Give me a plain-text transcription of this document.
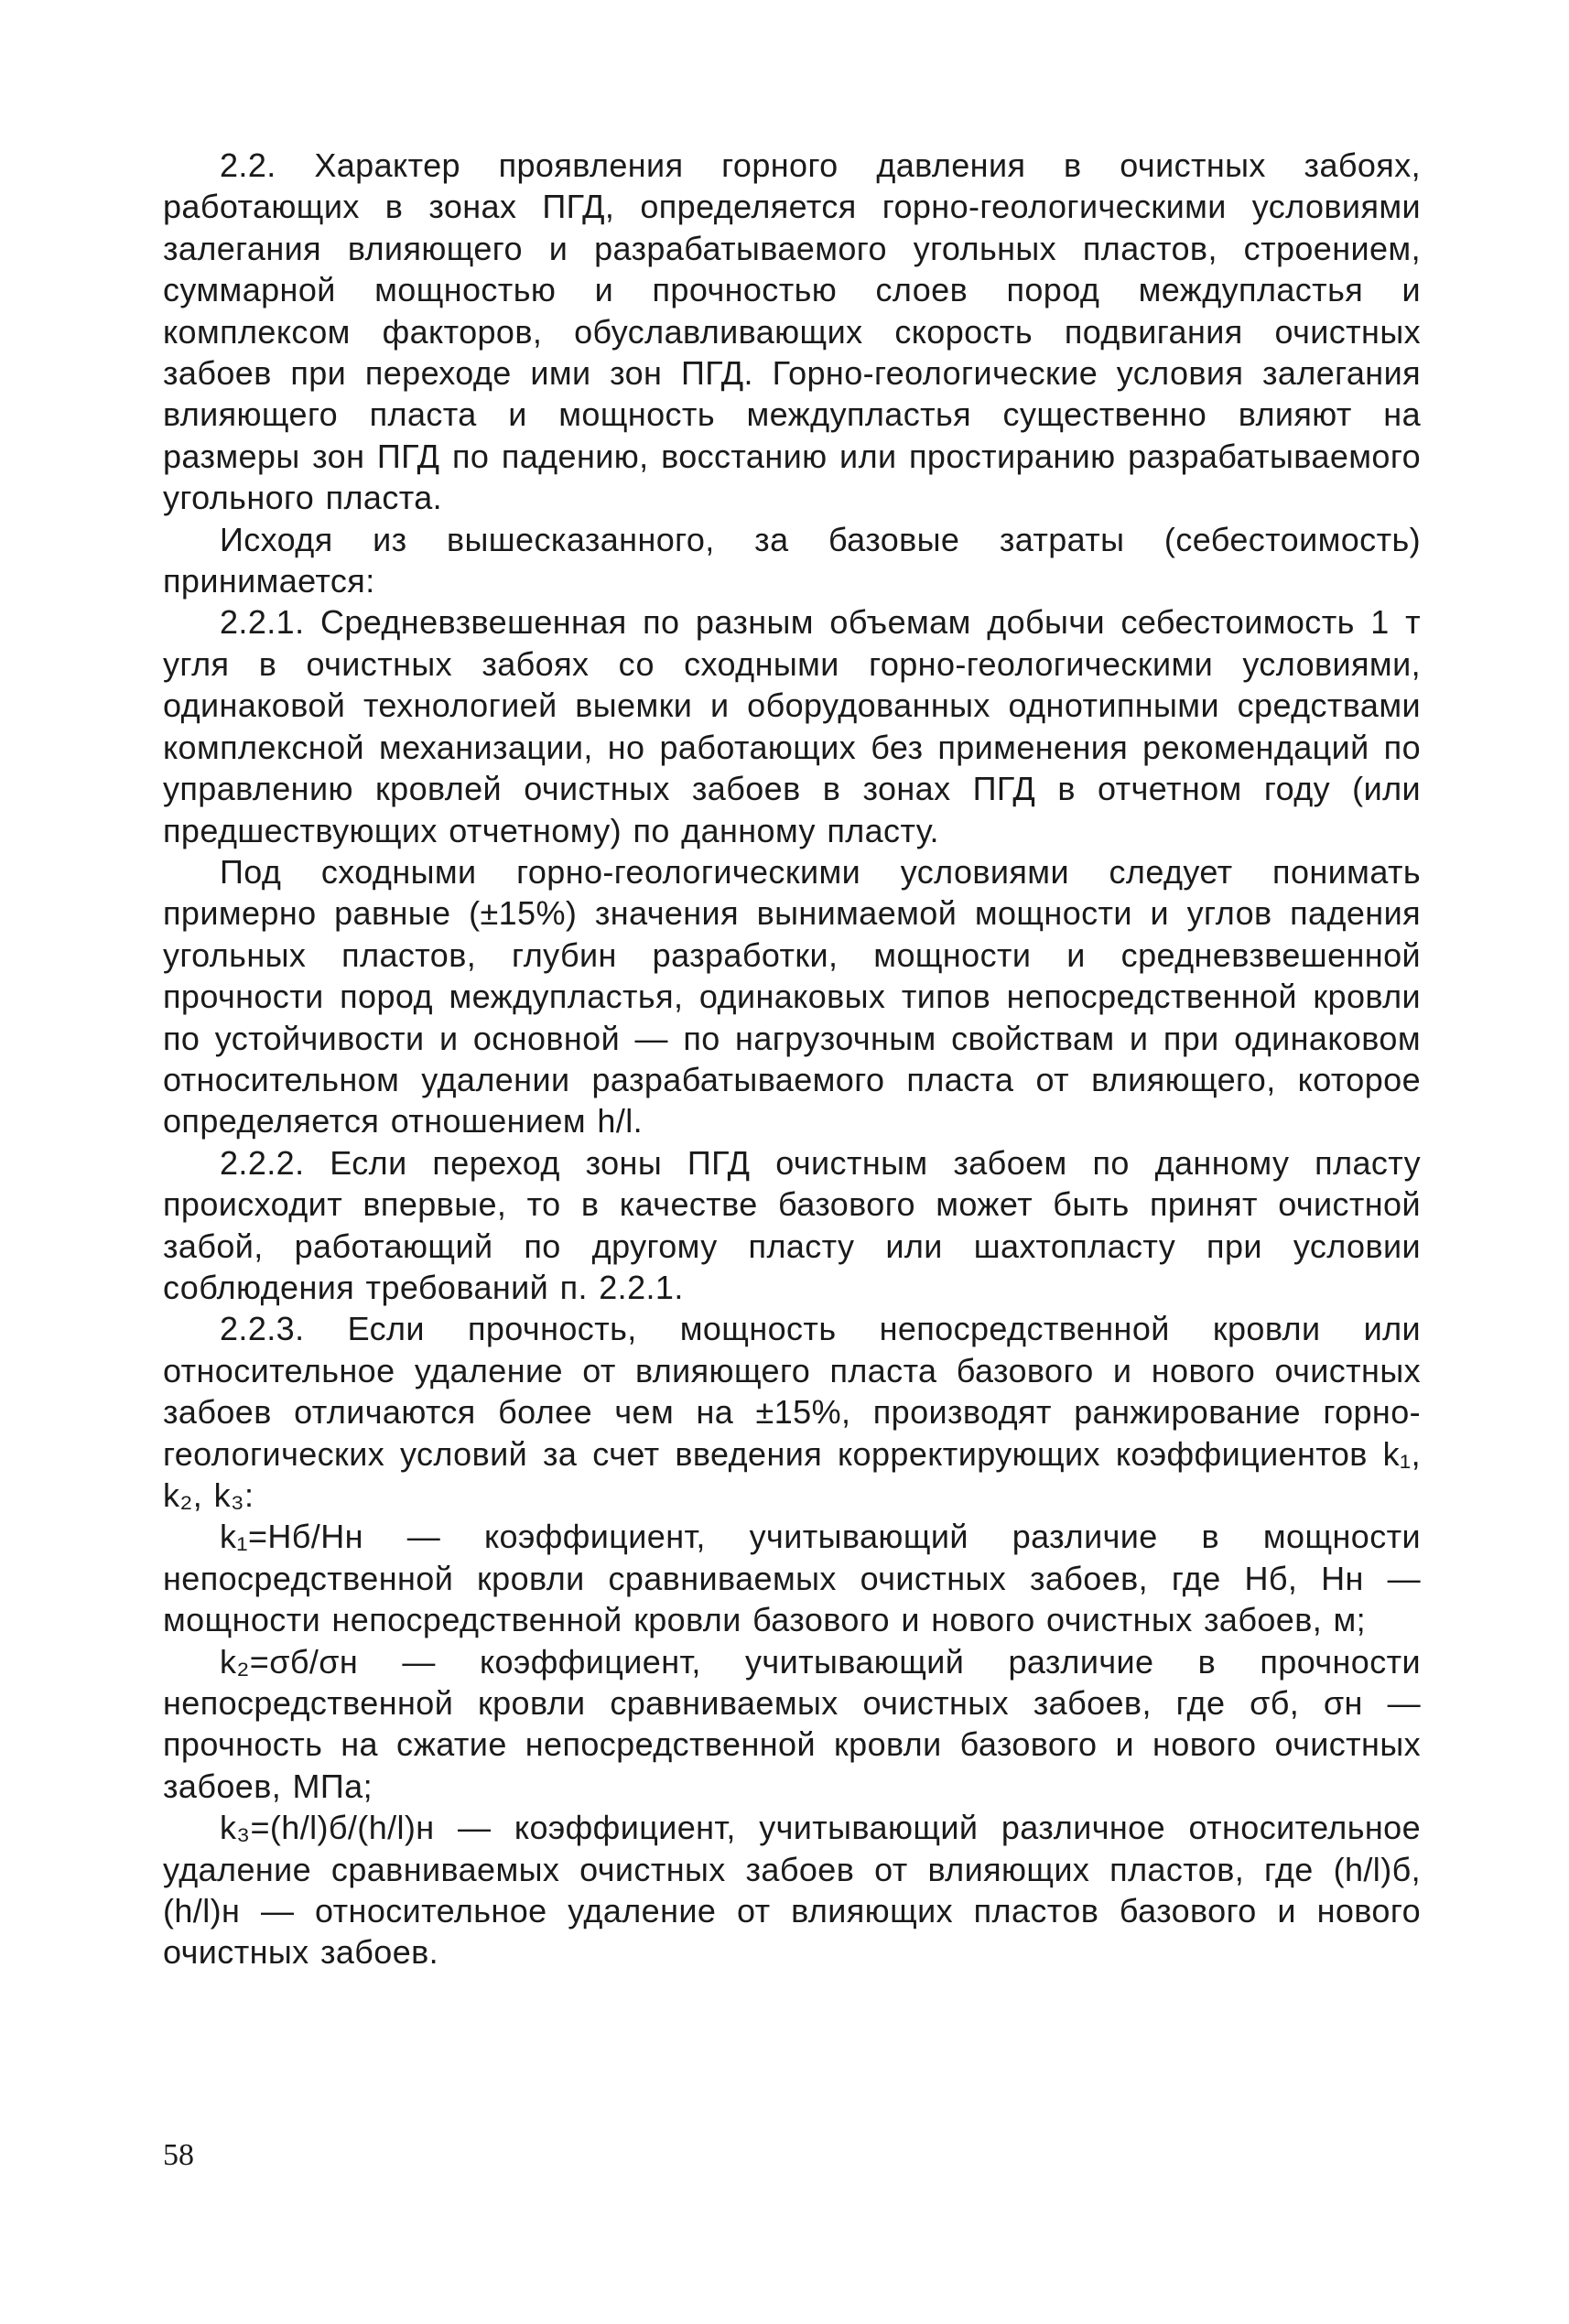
2.2. Характер проявления горного давления в очистных забоях, работающих в зонах ПГД, определяется горно-геологическими условиями залегания влияющего и разрабатываемого угольных пластов, строением, суммарной мощностью и прочностью слоев пород междупластья и комплексом факторов, обуславливающих скорость подвигания очистных забоев при переходе ими зон ПГД. Горно-геологические условия залегания влияющего пласта и мощность междупластья существенно влияют на размеры зон ПГД по падению, восстанию или простиранию разрабатываемого угольного пласта.

Исходя из вышесказанного, за базовые затраты (себестоимость) принимается:

2.2.1. Средневзвешенная по разным объемам добычи себестоимость 1 т угля в очистных забоях со сходными горно-геологическими условиями, одинаковой технологией выемки и оборудованных однотипными средствами комплексной механизации, но работающих без применения рекомендаций по управлению кровлей очистных забоев в зонах ПГД в отчетном году (или предшествующих отчетному) по данному пласту.

Под сходными горно-геологическими условиями следует понимать примерно равные (±15%) значения вынимаемой мощности и углов падения угольных пластов, глубин разработки, мощности и средневзвешенной прочности пород междупластья, одинаковых типов непосредственной кровли по устойчивости и основной — по нагрузочным свойствам и при одинаковом относительном удалении разрабатываемого пласта от влияющего, которое определяется отношением h/l.

2.2.2. Если переход зоны ПГД очистным забоем по данному пласту происходит впервые, то в качестве базового может быть принят очистной забой, работающий по другому пласту или шахтопласту при условии соблюдения требований п. 2.2.1.

2.2.3. Если прочность, мощность непосредственной кровли или относительное удаление от влияющего пласта базового и нового очистных забоев отличаются более чем на ±15%, производят ранжирование горно-геологических условий за счет введения корректирующих коэффициентов k₁, k₂, k₃:

k₁=Hб/Hн — коэффициент, учитывающий различие в мощности непосредственной кровли сравниваемых очистных забоев, где Hб, Hн — мощности непосредственной кровли базового и нового очистных забоев, м;

k₂=σб/σн — коэффициент, учитывающий различие в прочности непосредственной кровли сравниваемых очистных забоев, где σб, σн — прочность на сжатие непосредственной кровли базового и нового очистных забоев, МПа;

k₃=(h/l)б/(h/l)н — коэффициент, учитывающий различное относительное удаление сравниваемых очистных забоев от влияющих пластов, где (h/l)б, (h/l)н — относительное удаление от влияющих пластов базового и нового очистных забоев.

58
